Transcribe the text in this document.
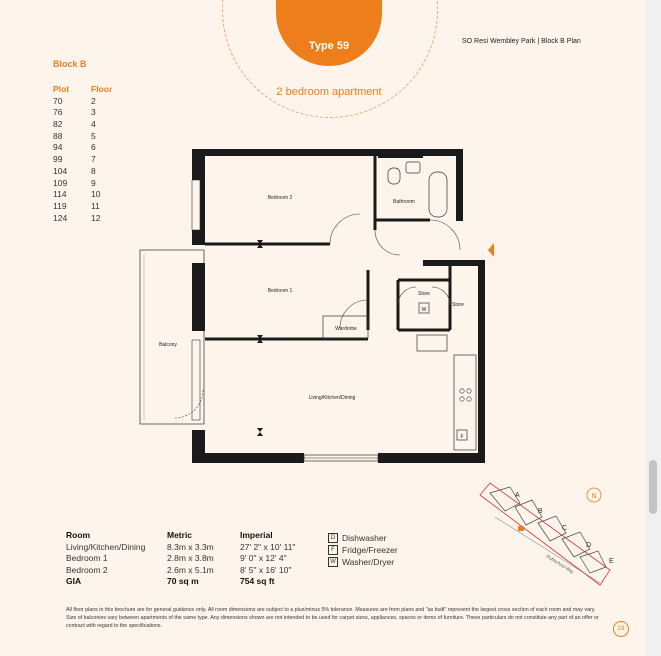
Type 59
2 bedroom apartment
SO Resi Wembley Park | Block B Plan
Block B
Plot	Floor
70	2
76	3
82	4
88	5
94	6
99	7
104	8
109	9
114	10
119	11
124	12
Bedroom 2
Bedroom 1
Bathroom
Balcony
Living/Kitchen/Dining
Wardrobe
Store
Store
W
F
Room	Metric	Imperial
Living/Kitchen/Dining	8.3m x 3.3m	27' 2" x 10' 11"
Bedroom 1	2.8m x 3.8m	9' 0" x 12' 4"
Bedroom 2	2.6m x 5.1m	8' 5" x 16' 10"
GIA	70 sq m	754 sq ft
D Dishwasher
F Fridge/Freezer
W Washer/Dryer	Rutherford Way
A
B
C
D
E
N
All floor plans in this brochure are for general guidance only. All room dimensions are subject to a plus/minus 5% tolerance. Measures are from plans and "as built" represent the largest cross section of each room and may vary. Size of balconies vary between apartments of the same type. Any dimensions shown are not intended to be used for carpet sizes, appliances, spaces or items of furniture. These particulars do not constitute any part of an offer or contract with regard to the specifications.	23
